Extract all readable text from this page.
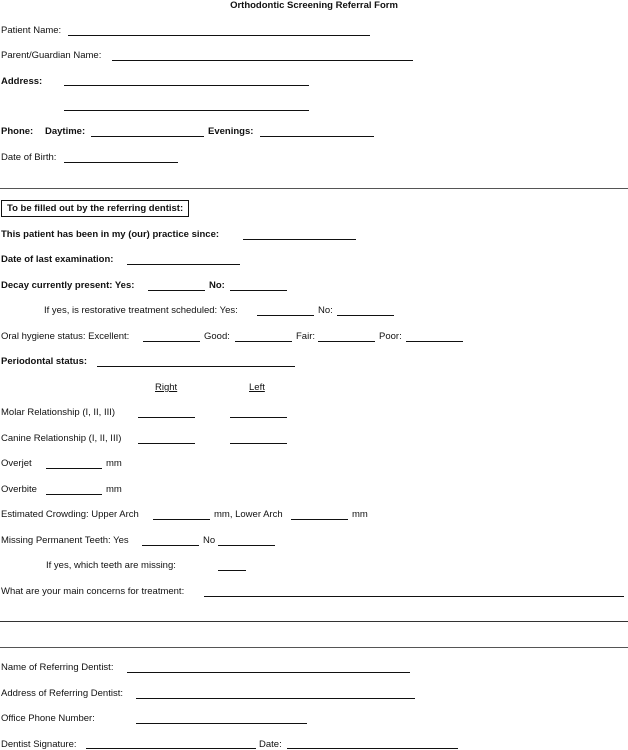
Orthodontic Screening Referral Form
Patient Name:
Parent/Guardian Name:
Address:
Phone: Daytime:	Evenings:
Date of Birth:
To be filled out by the referring dentist:
This patient has been in my (our) practice since:
Date of last examination:
Decay currently present: Yes:	No:
If yes, is restorative treatment scheduled: Yes:	No:
Oral hygiene status: Excellent:	Good:	Fair:	Poor:
Periodontal status:
Right	Left
Molar Relationship (I, II, III)
Canine Relationship (I, II, III)
Overjet	mm
Overbite	mm
Estimated Crowding: Upper Arch	mm, Lower Arch	mm
Missing Permanent Teeth: Yes	No
If yes, which teeth are missing:
What are your main concerns for treatment:
Name of Referring Dentist:
Address of Referring Dentist:
Office Phone Number:
Dentist Signature:	Date:
